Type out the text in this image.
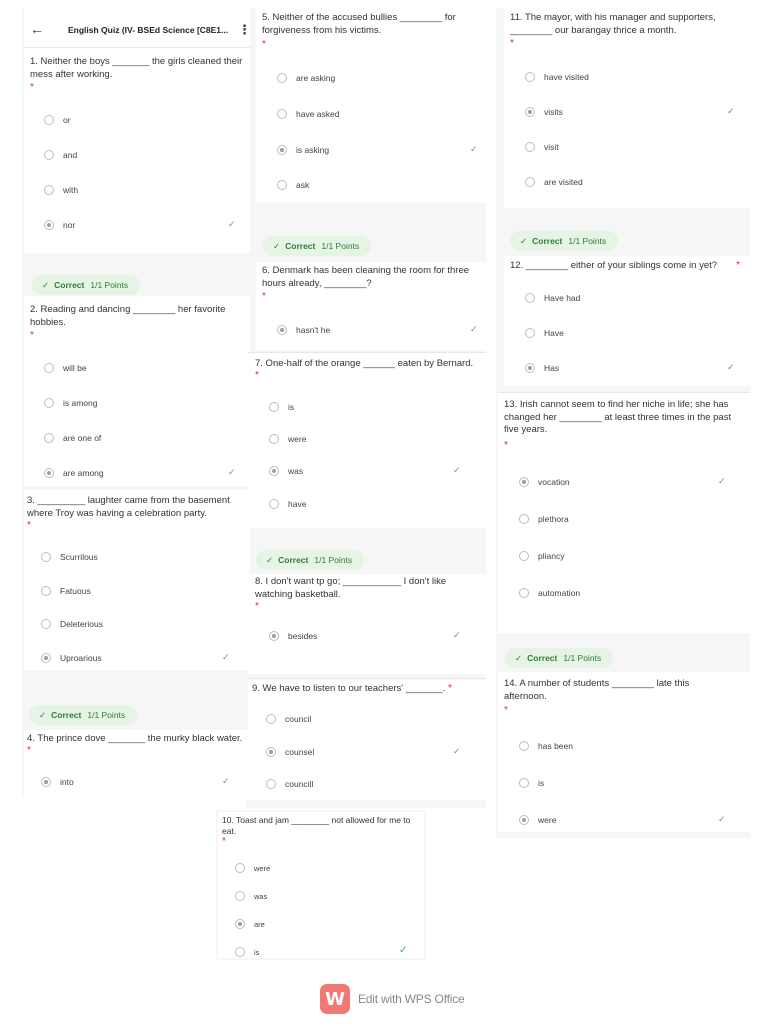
←	English Quiz (IV- BSEd Science [C8E1... ⋮
1. Neither the boys _______ the girls cleaned their mess after working.
*
or
and
with
nor	✓
✓ Correct 1/1 Points
2. Reading and dancing ________ her favorite hobbies.
*
will be
is among
are one of
are among	✓
3. _________ laughter came from the basement where Troy was having a celebration party.
*
Scurrilous
Fatuous
Deleterious
Uproarious	✓
✓ Correct 1/1 Points
4. The prince dove _______ the murky black water.
*
into	✓
5. Neither of the accused bullies ________ for forgiveness from his victims.
*
are asking
have asked
is asking	✓
ask
✓ Correct 1/1 Points
6. Denmark has been cleaning the room for three hours already, ________?
*
hasn't he	✓
7. One-half of the orange ______ eaten by Bernard.
*
is
were
was	✓
have
✓ Correct 1/1 Points
8. I don't want tp go; ___________ I don't like watching basketball.
*
besides	✓
9. We have to listen to our teachers' _______. *
council
counsel	✓
councill
10. Toast and jam ________ not allowed for me to eat.
*
were
was
are
is	✓
11. The mayor, with his manager and supporters, ________ our barangay thrice a month.
*
have visited
visits	✓
visit
are visited
✓ Correct 1/1 Points
12. ________ either of your siblings come in yet?	*
Have had
Have
Has	✓
13. Irish cannot seem to find her niche in life; she has changed her ________ at least three times in the past five years.
*
vocation	✓
plethora
pliancy
automation
✓ Correct 1/1 Points
14. A number of students ________ late this afternoon.
*
has been
is
were	✓
W	Edit with WPS Office
